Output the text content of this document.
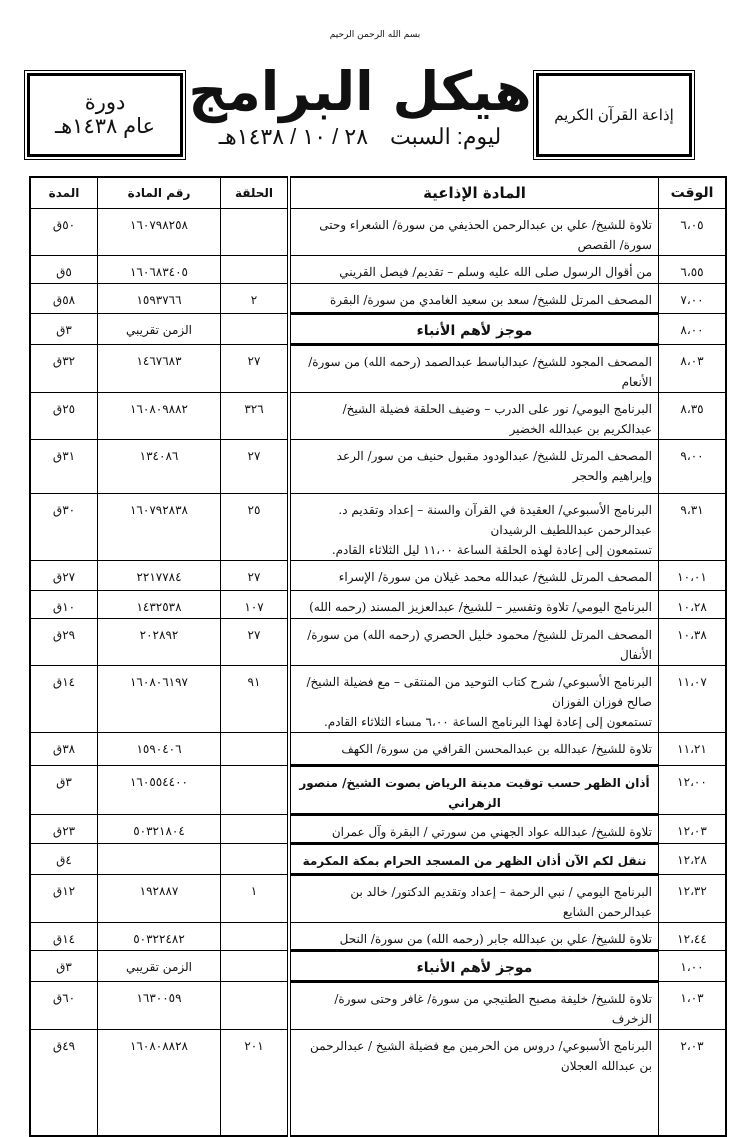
بسم الله الرحمن الرحيم
دورة
عام ١٤٣٨هـ
هيكل البرامج
ليوم: السبت٢٨ / ١٠ / ١٤٣٨هـ
إذاعة القرآن الكريم
الوقت	المادة الإذاعية	الحلقة	رقم المادة	المدة
٦،٠٥	تلاوة للشيخ/ علي بن عبدالرحمن الحذيفي من سورة/ الشعراء وحتى سورة/ القصص		١٦٠٧٩٨٢٥٨	٥٠ق
٦،٥٥	من أقوال الرسول صلى الله عليه وسلم – تقديم/ فيصل القريني		١٦٠٦٨٣٤٠٥	٥ق
٧،٠٠	المصحف المرتل للشيخ/ سعد بن سعيد الغامدي من سورة/ البقرة	٢	١٥٩٣٧٦٦	٥٨ق
٨،٠٠	موجز لأهم الأنباء		الزمن تقريبي	٣ق
٨،٠٣	المصحف المجود للشيخ/ عبدالباسط عبدالصمد (رحمه الله) من سورة/ الأنعام	٢٧	١٤٦٧٦٨٣	٣٢ق
٨،٣٥	البرنامج اليومي/ نور على الدرب – وضيف الحلقة فضيلة الشيخ/ عبدالكريم بن عبدالله الخضير	٣٢٦	١٦٠٨٠٩٨٨٢	٢٥ق
٩،٠٠	المصحف المرتل للشيخ/ عبدالودود مقبول حنيف من سور/ الرعد وإبراهيم والحجر	٢٧	١٣٤٠٨٦	٣١ق
٩،٣١	البرنامج الأسبوعي/ العقيدة في القرآن والسنة – إعداد وتقديم د. عبدالرحمن عبداللطيف الرشيدان
تستمعون إلى إعادة لهذه الحلقة الساعة ١١،٠٠ ليل الثلاثاء القادم.	٢٥	١٦٠٧٩٢٨٣٨	٣٠ق
١٠،٠١	المصحف المرتل للشيخ/ عبدالله محمد غيلان من سورة/ الإسراء	٢٧	٢٢١٧٧٨٤	٢٧ق
١٠،٢٨	البرنامج اليومي/ تلاوة وتفسير – للشيخ/ عبدالعزيز المسند (رحمه الله)	١٠٧	١٤٣٢٥٣٨	١٠ق
١٠،٣٨	المصحف المرتل للشيخ/ محمود خليل الحصري (رحمه الله) من سورة/ الأنفال	٢٧	٢٠٢٨٩٢	٢٩ق
١١،٠٧	البرنامج الأسبوعي/ شرح كتاب التوحيد من المنتقى – مع فضيلة الشيخ/ صالح فوزان الفوزان
تستمعون إلى إعادة لهذا البرنامج الساعة ٦،٠٠ مساء الثلاثاء القادم.	٩١	١٦٠٨٠٦١٩٧	١٤ق
١١،٢١	تلاوة للشيخ/ عبدالله بن عبدالمحسن القرافي من سورة/ الكهف		١٥٩٠٤٠٦	٣٨ق
١٢،٠٠	أذان الظهر حسب توقيت مدينة الرياض بصوت الشيخ/ منصور الزهراني		١٦٠٥٥٤٤٠٠	٣ق
١٢،٠٣	تلاوة للشيخ/ عبدالله عواد الجهني من سورتي / البقرة وآل عمران		٥٠٣٢١٨٠٤	٢٣ق
١٢،٢٨	ننقل لكم الآن أذان الظهر من المسجد الحرام بمكة المكرمة			٤ق
١٢،٣٢	البرنامج اليومي / نبي الرحمة – إعداد وتقديم الدكتور/ خالد بن عبدالرحمن الشايع	١	١٩٢٨٨٧	١٢ق
١٢،٤٤	تلاوة للشيخ/ علي بن عبدالله جابر (رحمه الله) من سورة/ النحل		٥٠٣٢٢٤٨٢	١٤ق
١،٠٠	موجز لأهم الأنباء		الزمن تقريبي	٣ق
١،٠٣	تلاوة للشيخ/ خليفة مصبح الطنيجي من سورة/ غافر وحتى سورة/ الزخرف		١٦٣٠٠٥٩	٦٠ق
٢،٠٣	البرنامج الأسبوعي/ دروس من الحرمين مع فضيلة الشيخ / عبدالرحمن بن عبدالله العجلان	٢٠١	١٦٠٨٠٨٨٢٨	٤٩ق
